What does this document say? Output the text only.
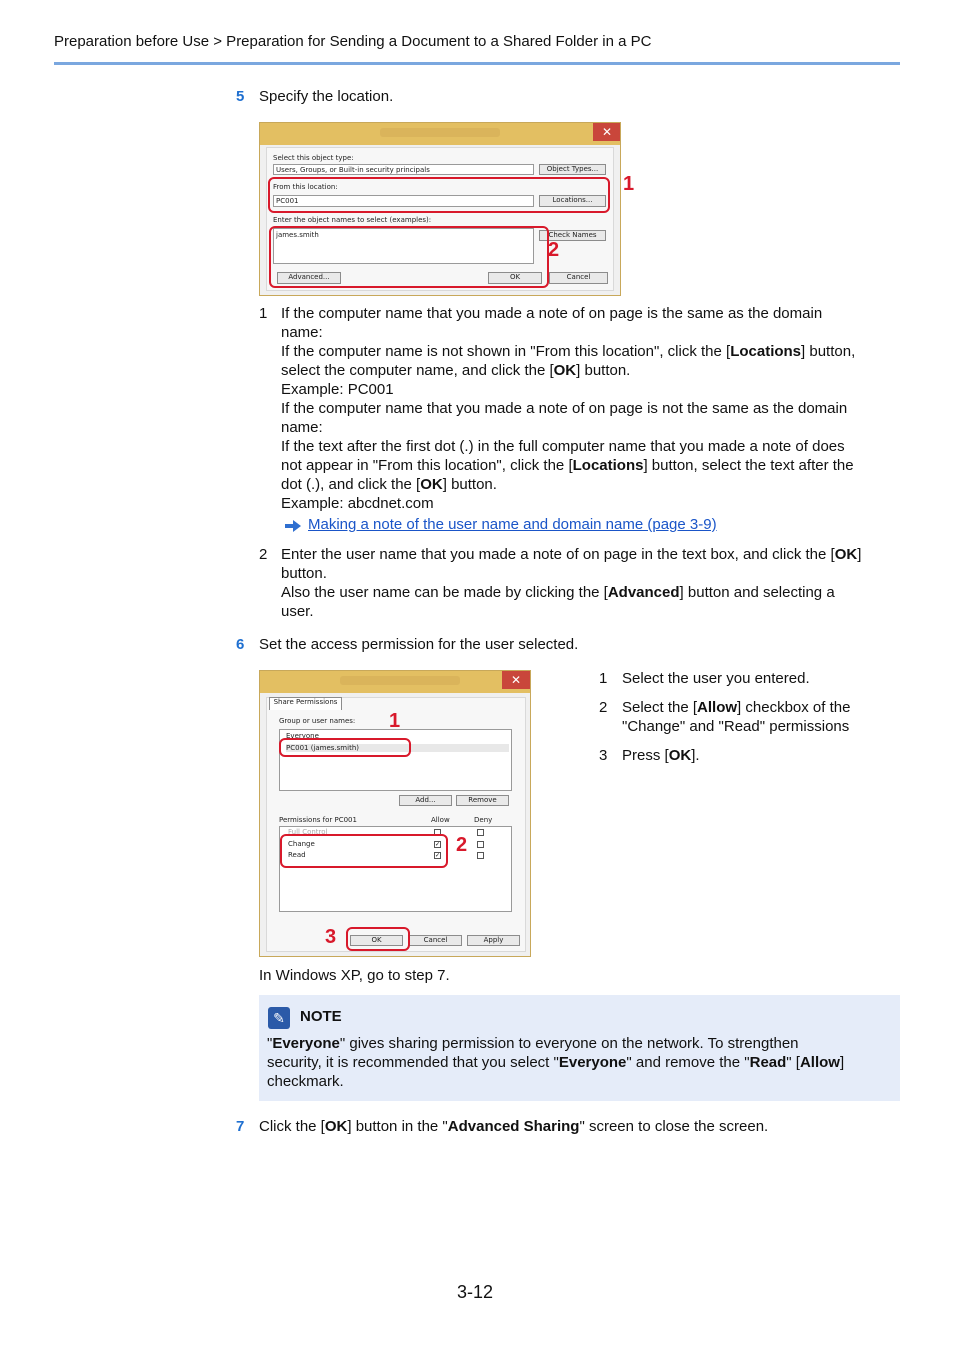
Preparation before Use > Preparation for Sending a Document to a Shared Folder in a PC
5 Specify the location.
✕
Select this object type:
Users, Groups, or Built-in security principals	Object Types...
From this location:
PC001	Locations...
Enter the object names to select (examples):
james.smith	Check Names
Advanced...	OK	Cancel
1
2
1 If the computer name that you made a note of on page is the same as the domain
name:
If the computer name is not shown in "From this location", click the [Locations] button,
select the computer name, and click the [OK] button.
Example: PC001
If the computer name that you made a note of on page is not the same as the domain
name:
If the text after the first dot (.) in the full computer name that you made a note of does
not appear in "From this location", click the [Locations] button, select the text after the
dot (.), and click the [OK] button.
Example: abcdnet.com
Making a note of the user name and domain name (page 3-9)
2 Enter the user name that you made a note of on page in the text box, and click the [OK]
button.
Also the user name can be made by clicking the [Advanced] button and selecting a
user.
6 Set the access permission for the user selected.
✕
Share Permissions
Group or user names:
Everyone
PC001 (james.smith)
Add...	Remove
Permissions for PC001	Allow	Deny
Full Control
Change	✓
Read	✓
OK	Cancel	Apply
1
2
3
1 Select the user you entered.
2 Select the [Allow] checkbox of the
"Change" and "Read" permissions
3 Press [OK].
In Windows XP, go to step 7.
✎	NOTE
"Everyone" gives sharing permission to everyone on the network. To strengthen
security, it is recommended that you select "Everyone" and remove the "Read" [Allow]
checkmark.
7 Click the [OK] button in the "Advanced Sharing" screen to close the screen.
3-12
